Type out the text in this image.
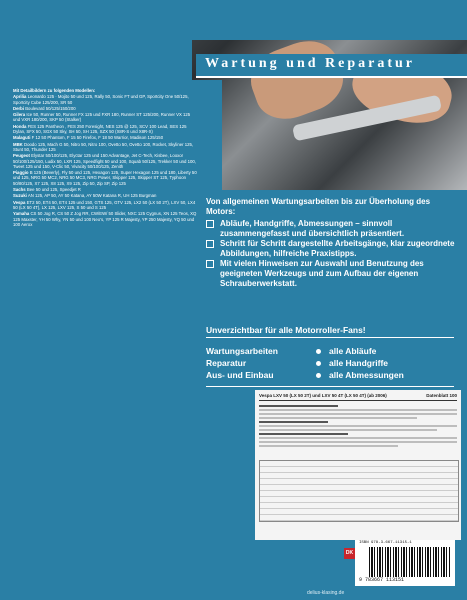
Wartung und Reparatur

Mit Detailbildern zu folgenden Modellen:

Aprilia Leonardo 125 · Mojito 50 und 125, Rally 50, Sonic FT und GP, Sportcity One 50/125, Sportcity Cube 125/200, SR 50

Derbi Boulevard 50/125/150/200

Gilera Ice 50, Runner 50, Runner FX 125 und FXR 180, Runner ST 125/200, Runner VX 125 und VXR 180/200, SKP 50 (Stalker)

Honda FES 125 Pantheon , FES 250 Foresight, NES 125 @ 125, SCV 100 Lead, SES 125 Dylan, SFX 50, SGX 50 Sky, SH 50, SH 125, SZX 50 (X8R-S und X8R-X)

Malaguti F 12 50 Phantom, F 15 50 Firefox, F 18 50 Warrior, Madison 125/150

MBK Doodo 125, Mach G 50, Nitro 50, Nitro 100, Ovetto 50, Ovetto 100, Rocket, Skyliner 125, Stunt 50, Thunder 125

Peugeot Elystar 50/100/125, Elyctar 125 und 150 Advantage, Jet C-Tech, Kisbee, Looxor 50/100/125/150, Ludix 50, LXR 125, Speedfight 50 und 100, Squab 50/125, Trekker 50 und 100, Tweet 125 und 150, V-Clic 50, Vivacity 50/100/125, Zenith

Piaggio B 125 (Beverly), Fly 50 und 125, Hexagon 125, Super Hexagon 125 und 180, Liberty 50 und 125, NRG 50 MC2, NRG 50 MC3, NRG Power, Skipper 125, Skipper ST 125, Typhoon 50/80/125, X7 125, X8 125, X9 125, Zip 50, Zip SP, Zip 125

Sachs Bee 50 und 125, Speedjet R

Suzuki AN 125, AP 50, AY 50 Katana, AY 50W Katana R, UH 125 Burgman

Vespa ET2 50, ET4 50, ET4 125 und 150, GTS 125, GTV 125, LX2 50 (LX 50 2T), LXV 50, LX4 50 (LX 50 4T), LX 125, LXV 125, S 50 und S 125

Yamaha CS 50 Jog R, CS 50 Z Jog RR, CW/EW/ 50 Slider, NXC 125 Cygnus, XN 125 Teos, XQ 125 Maxster, YH 50 Why, YN 50 und 100 Neo's, YP 125 R Majesty, YP 250 Majesty, YQ 50 und 100 Aerox

Von allgemeinen Wartungsarbeiten bis zur Überholung des Motors:
Abläufe, Handgriffe, Abmessungen – sinnvoll zusammengefasst und übersichtlich präsentiert.
Schritt für Schritt dargestellte Arbeitsgänge, klar zugeordnete Abbildungen, hilfreiche Praxistipps.
Mit vielen Hinweisen zur Auswahl und Benutzung des geeigneten Werkzeugs und zum Aufbau der eigenen Schrauberwerkstatt.
Unverzichtbar für alle Motorroller-Fans!
Wartungsarbeiten	alle Abläufe
Reparatur	alle Handgriffe
Aus- und Einbau	alle Abmessungen
Vespa LXV 50 (LX 50 2T) und LXV 50 4T (LX 50 4T) (ab 2006)	Datenblatt 100
DK
ISBN 978-3-667-11315-1
9 783667 113151
delius-klasing.de
